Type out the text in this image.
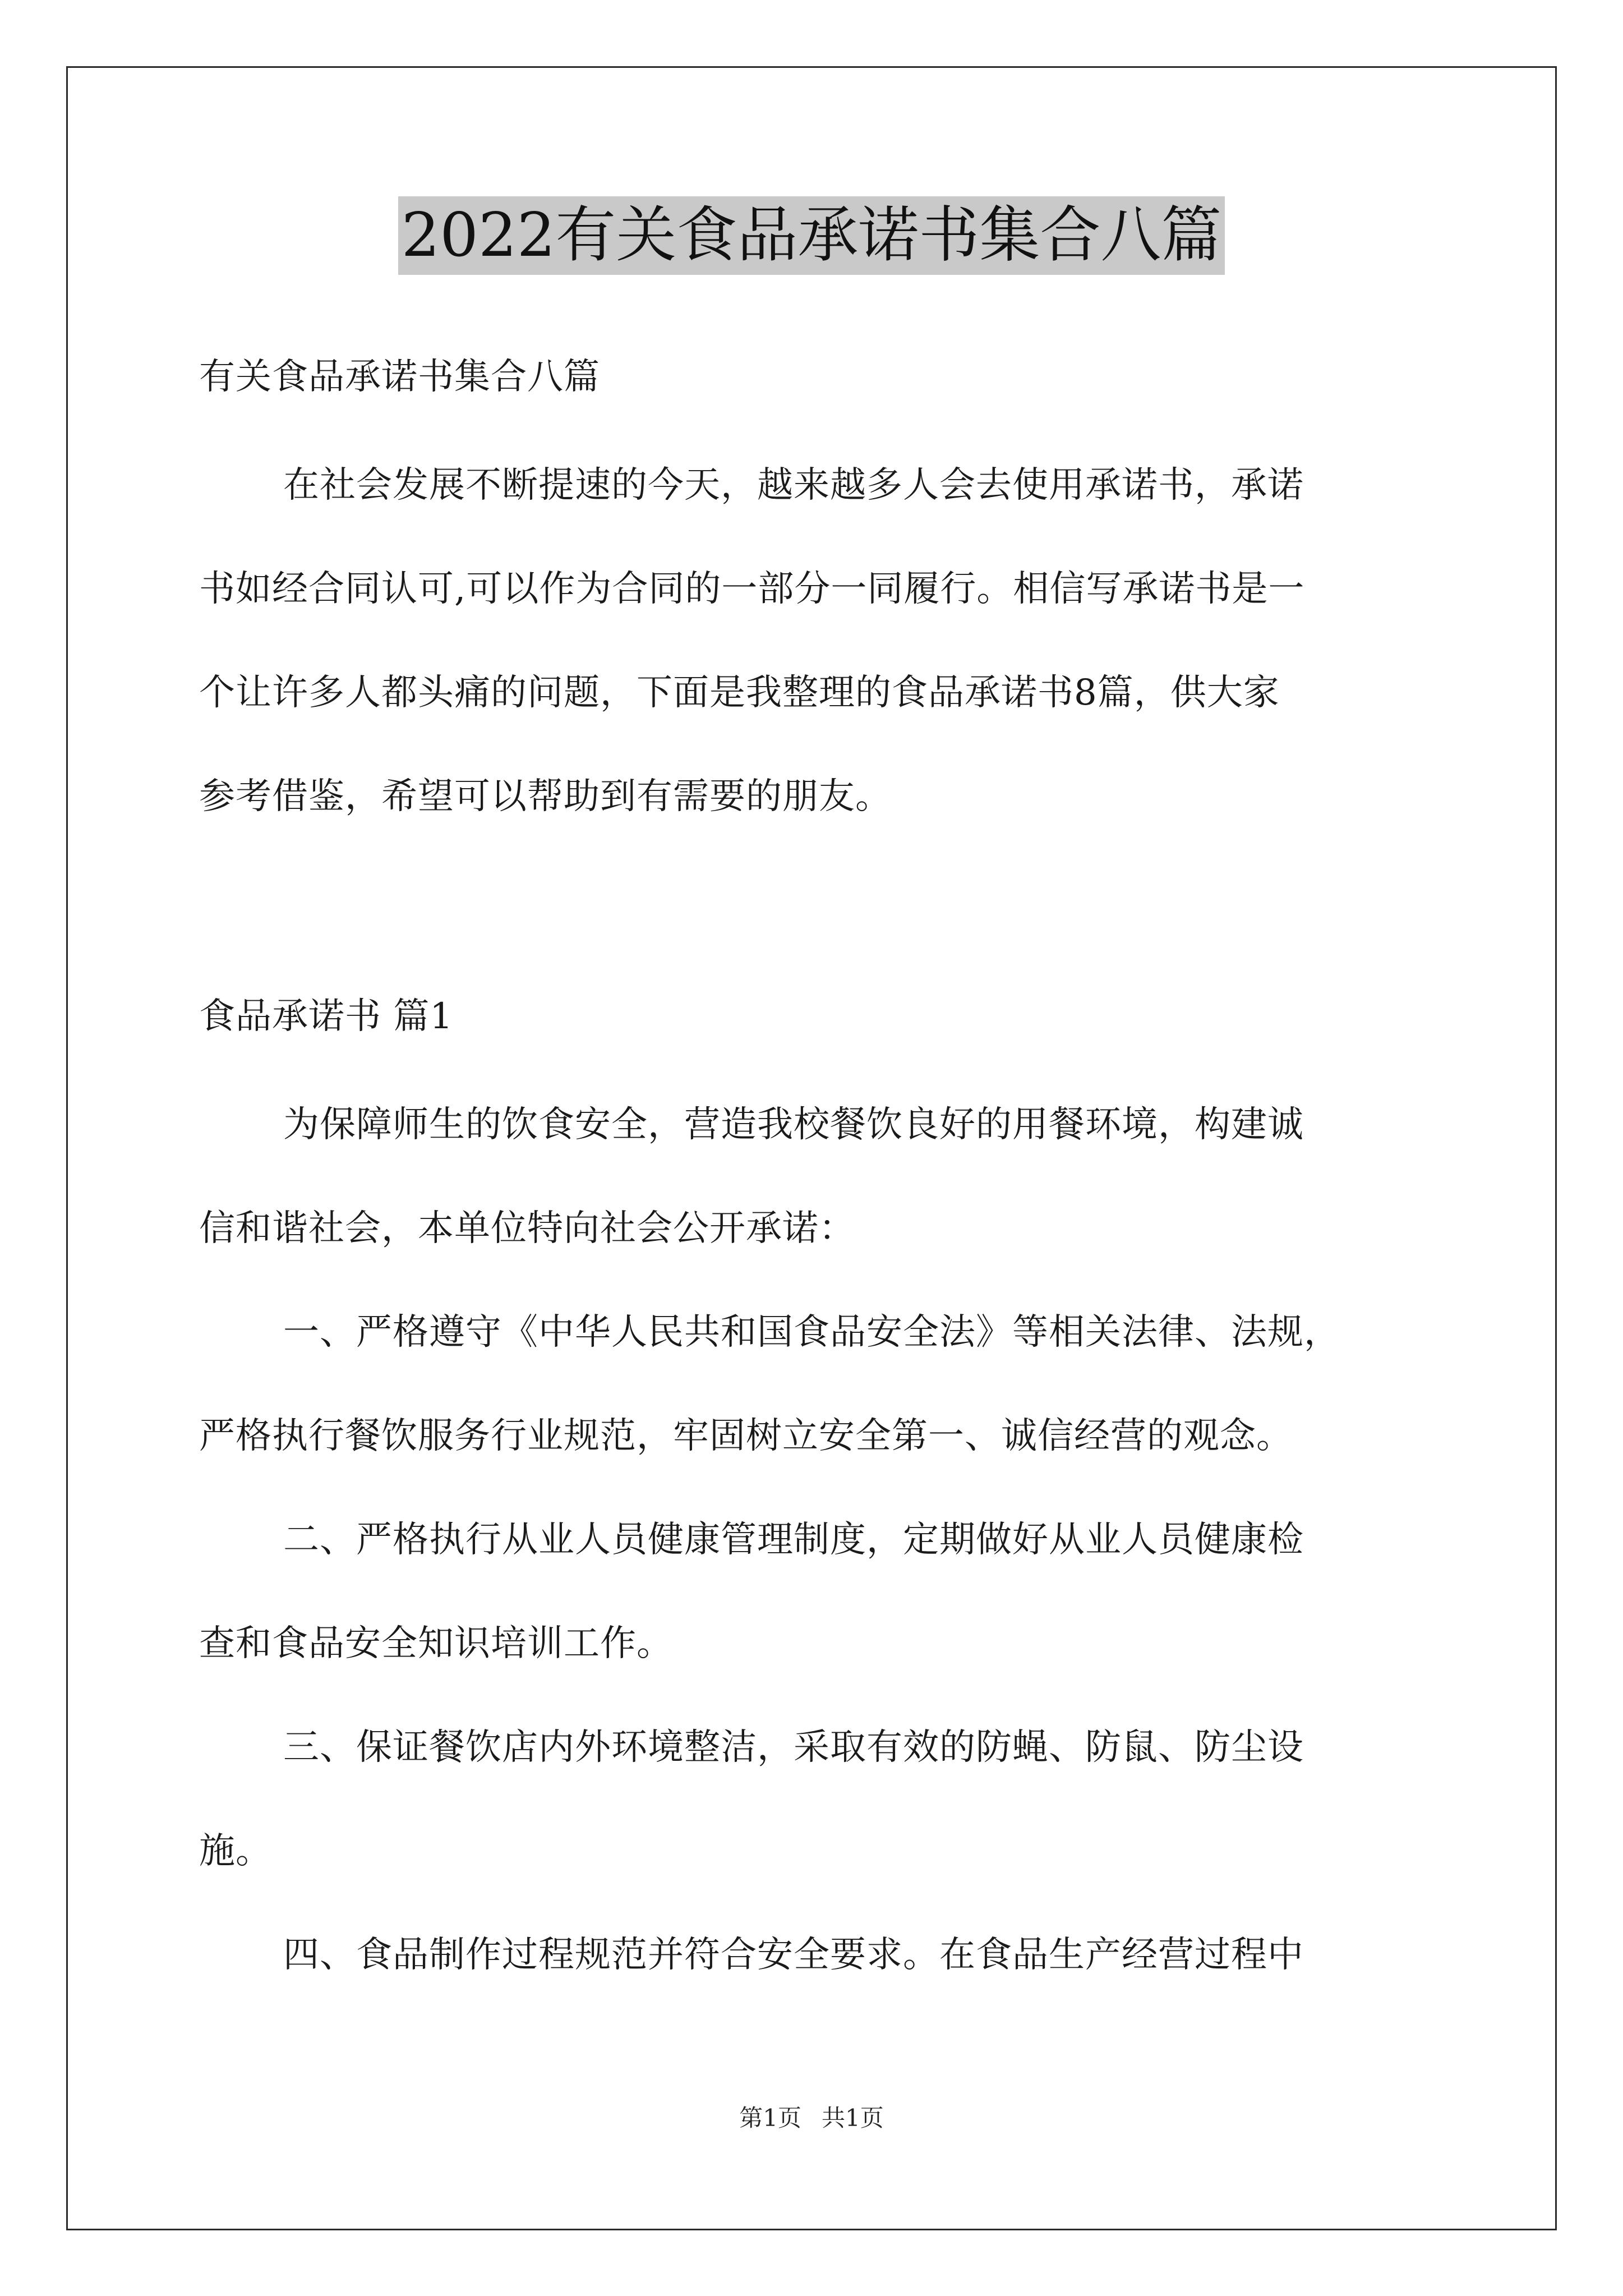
2022有关食品承诺书集合八篇
有关食品承诺书集合八篇
在社会发展不断提速的今天，越来越多人会去使用承诺书，承诺
书如经合同认可,可以作为合同的一部分一同履行。相信写承诺书是一
个让许多人都头痛的问题，下面是我整理的食品承诺书8篇，供大家
参考借鉴，希望可以帮助到有需要的朋友。
食品承诺书 篇1
为保障师生的饮食安全，营造我校餐饮良好的用餐环境，构建诚
信和谐社会，本单位特向社会公开承诺：
一、严格遵守《中华人民共和国食品安全法》等相关法律、法规，
严格执行餐饮服务行业规范，牢固树立安全第一、诚信经营的观念。
二、严格执行从业人员健康管理制度，定期做好从业人员健康检
查和食品安全知识培训工作。
三、保证餐饮店内外环境整洁，采取有效的防蝇、防鼠、防尘设
施。
四、食品制作过程规范并符合安全要求。在食品生产经营过程中
第1页 共1页
